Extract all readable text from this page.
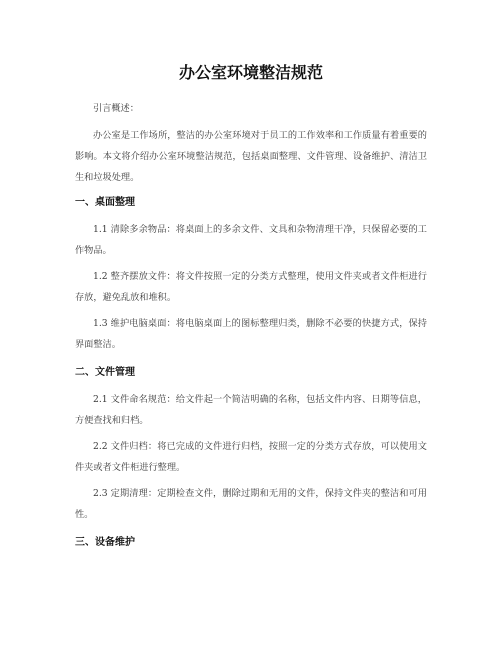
办公室环境整洁规范

引言概述：

办公室是工作场所，整洁的办公室环境对于员工的工作效率和工作质量有着重要的影响。本文将介绍办公室环境整洁规范，包括桌面整理、文件管理、设备维护、清洁卫生和垃圾处理。

一、桌面整理

1.1 清除多余物品：将桌面上的多余文件、文具和杂物清理干净，只保留必要的工作物品。

1.2 整齐摆放文件：将文件按照一定的分类方式整理，使用文件夹或者文件柜进行存放，避免乱放和堆积。

1.3 维护电脑桌面：将电脑桌面上的图标整理归类，删除不必要的快捷方式，保持界面整洁。

二、文件管理

2.1 文件命名规范：给文件起一个简洁明确的名称，包括文件内容、日期等信息，方便查找和归档。

2.2 文件归档：将已完成的文件进行归档，按照一定的分类方式存放，可以使用文件夹或者文件柜进行整理。

2.3 定期清理：定期检查文件，删除过期和无用的文件，保持文件夹的整洁和可用性。

三、设备维护
